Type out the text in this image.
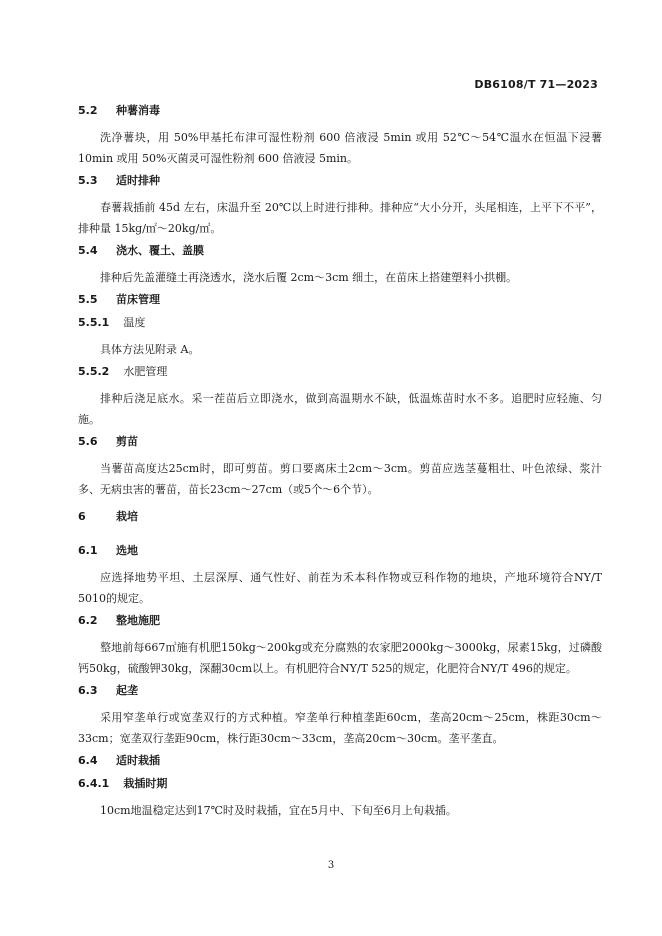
DB6108/T 71—2023
5.2	种薯消毒
洗净薯块，用 50%甲基托布津可湿性粉剂 600 倍液浸 5min 或用 52℃～54℃温水在恒温下浸薯 10min 或用 50%灭菌灵可湿性粉剂 600 倍液浸 5min。
5.3	适时排种
春薯栽插前 45d 左右，床温升至 20℃以上时进行排种。排种应“大小分开，头尾相连，上平下不平”，排种量 15kg/㎡～20kg/㎡。
5.4	浇水、覆土、盖膜
排种后先盖灌缝土再浇透水，浇水后覆 2cm～3cm 细土，在苗床上搭建塑料小拱棚。
5.5	苗床管理
5.5.1 温度
具体方法见附录 A。
5.5.2 水肥管理
排种后浇足底水。采一茬苗后立即浇水，做到高温期水不缺，低温炼苗时水不多。追肥时应轻施、匀施。
5.6	剪苗
当薯苗高度达25cm时，即可剪苗。剪口要离床土2cm～3cm。剪苗应选茎蔓粗壮、叶色浓绿、浆汁多、无病虫害的薯苗，苗长23cm～27cm（或5个～6个节）。
6	栽培
6.1	选地
应选择地势平坦、土层深厚、通气性好、前茬为禾本科作物或豆科作物的地块，产地环境符合NY/T 5010的规定。
6.2	整地施肥
整地前每667㎡施有机肥150kg～200kg或充分腐熟的农家肥2000kg～3000kg，尿素15kg，过磷酸钙50kg，硫酸钾30kg，深翻30cm以上。有机肥符合NY/T 525的规定，化肥符合NY/T 496的规定。
6.3	起垄
采用窄垄单行或宽垄双行的方式种植。窄垄单行种植垄距60cm，垄高20cm～25cm，株距30cm～33cm；宽垄双行垄距90cm，株行距30cm～33cm，垄高20cm～30cm。垄平垄直。
6.4	适时栽插
6.4.1 栽插时期
10cm地温稳定达到17℃时及时栽插，宜在5月中、下旬至6月上旬栽插。
3
